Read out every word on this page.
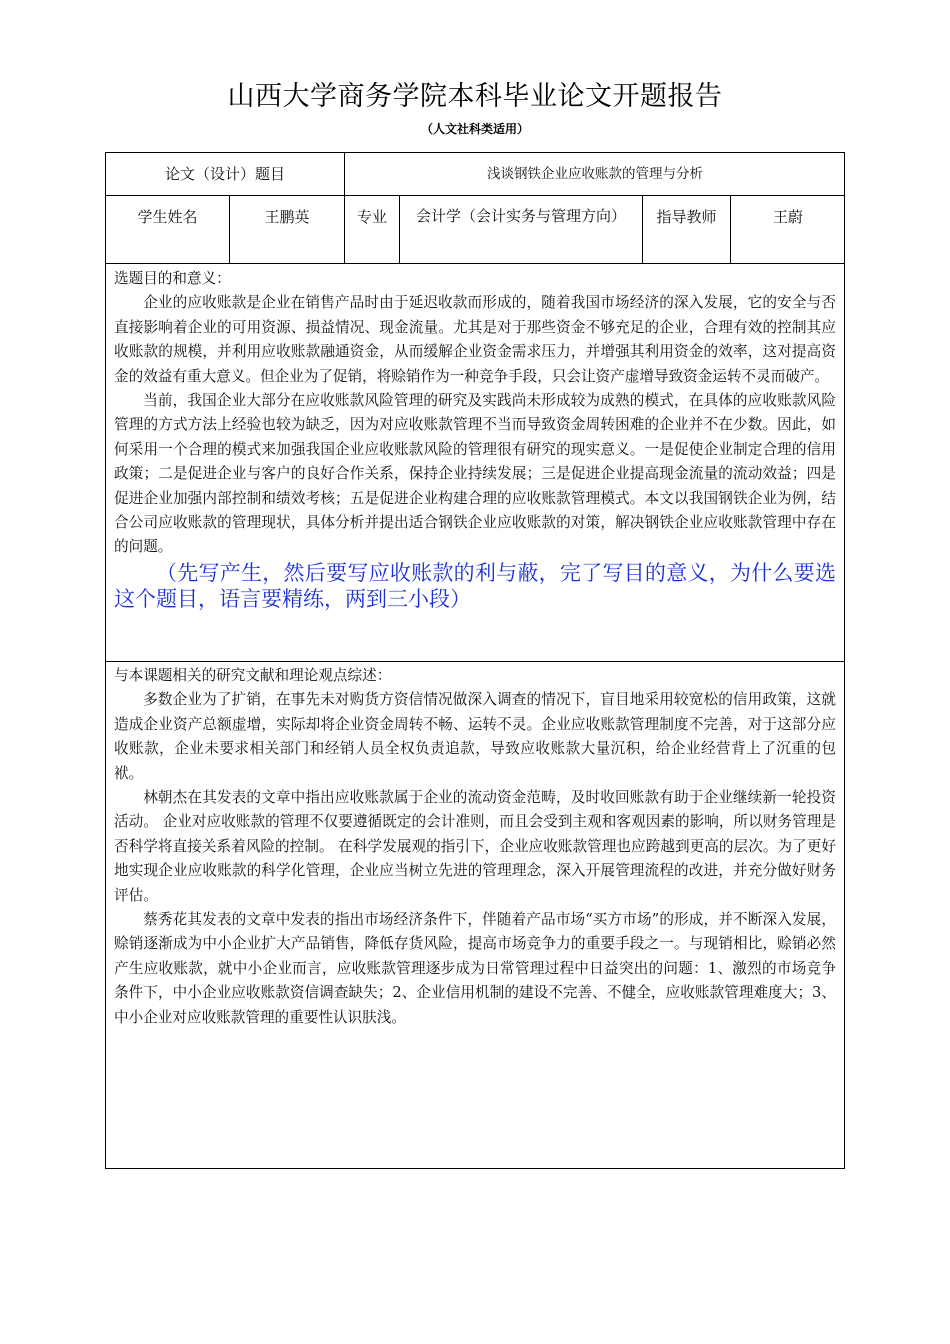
山西大学商务学院本科毕业论文开题报告
（人文社科类适用）
论文（设计）题目	浅谈钢铁企业应收账款的管理与分析
学生姓名	王鹏英	专业	会计学（会计实务与管理方向）	指导教师	王蔚

选题目的和意义：

企业的应收账款是企业在销售产品时由于延迟收款而形成的，随着我国市场经济的深入发展，它的安全与否直接影响着企业的可用资源、损益情况、现金流量。尤其是对于那些资金不够充足的企业，合理有效的控制其应收账款的规模，并利用应收账款融通资金，从而缓解企业资金需求压力，并增强其利用资金的效率，这对提高资金的效益有重大意义。但企业为了促销，将赊销作为一种竞争手段，只会让资产虚增导致资金运转不灵而破产。

当前，我国企业大部分在应收账款风险管理的研究及实践尚未形成较为成熟的模式，在具体的应收账款风险管理的方式方法上经验也较为缺乏，因为对应收账款管理不当而导致资金周转困难的企业并不在少数。因此，如何采用一个合理的模式来加强我国企业应收账款风险的管理很有研究的现实意义。一是促使企业制定合理的信用政策；二是促进企业与客户的良好合作关系，保持企业持续发展；三是促进企业提高现金流量的流动效益；四是促进企业加强内部控制和绩效考核；五是促进企业构建合理的应收账款管理模式。本文以我国钢铁企业为例，结合公司应收账款的管理现状，具体分析并提出适合钢铁企业应收账款的对策，解决钢铁企业应收账款管理中存在的问题。

（先写产生，然后要写应收账款的利与蔽，完了写目的意义，为什么要选这个题目，语言要精练，两到三小段）

与本课题相关的研究文献和理论观点综述：

多数企业为了扩销，在事先未对购货方资信情况做深入调查的情况下，盲目地采用较宽松的信用政策，这就造成企业资产总额虚增，实际却将企业资金周转不畅、运转不灵。企业应收账款管理制度不完善，对于这部分应收账款，企业未要求相关部门和经销人员全权负责追款，导致应收账款大量沉积，给企业经营背上了沉重的包袱。

林朝杰在其发表的文章中指出应收账款属于企业的流动资金范畴，及时收回账款有助于企业继续新一轮投资活动。 企业对应收账款的管理不仅要遵循既定的会计准则，而且会受到主观和客观因素的影响，所以财务管理是否科学将直接关系着风险的控制。 在科学发展观的指引下，企业应收账款管理也应跨越到更高的层次。为了更好地实现企业应收账款的科学化管理，企业应当树立先进的管理理念，深入开展管理流程的改进，并充分做好财务评估。

蔡秀花其发表的文章中发表的指出市场经济条件下，伴随着产品市场“买方市场”的形成，并不断深入发展，赊销逐渐成为中小企业扩大产品销售，降低存货风险，提高市场竞争力的重要手段之一。与现销相比，赊销必然产生应收账款，就中小企业而言，应收账款管理逐步成为日常管理过程中日益突出的问题：1、激烈的市场竞争条件下，中小企业应收账款资信调查缺失；2、企业信用机制的建设不完善、不健全，应收账款管理难度大；3、中小企业对应收账款管理的重要性认识肤浅。
